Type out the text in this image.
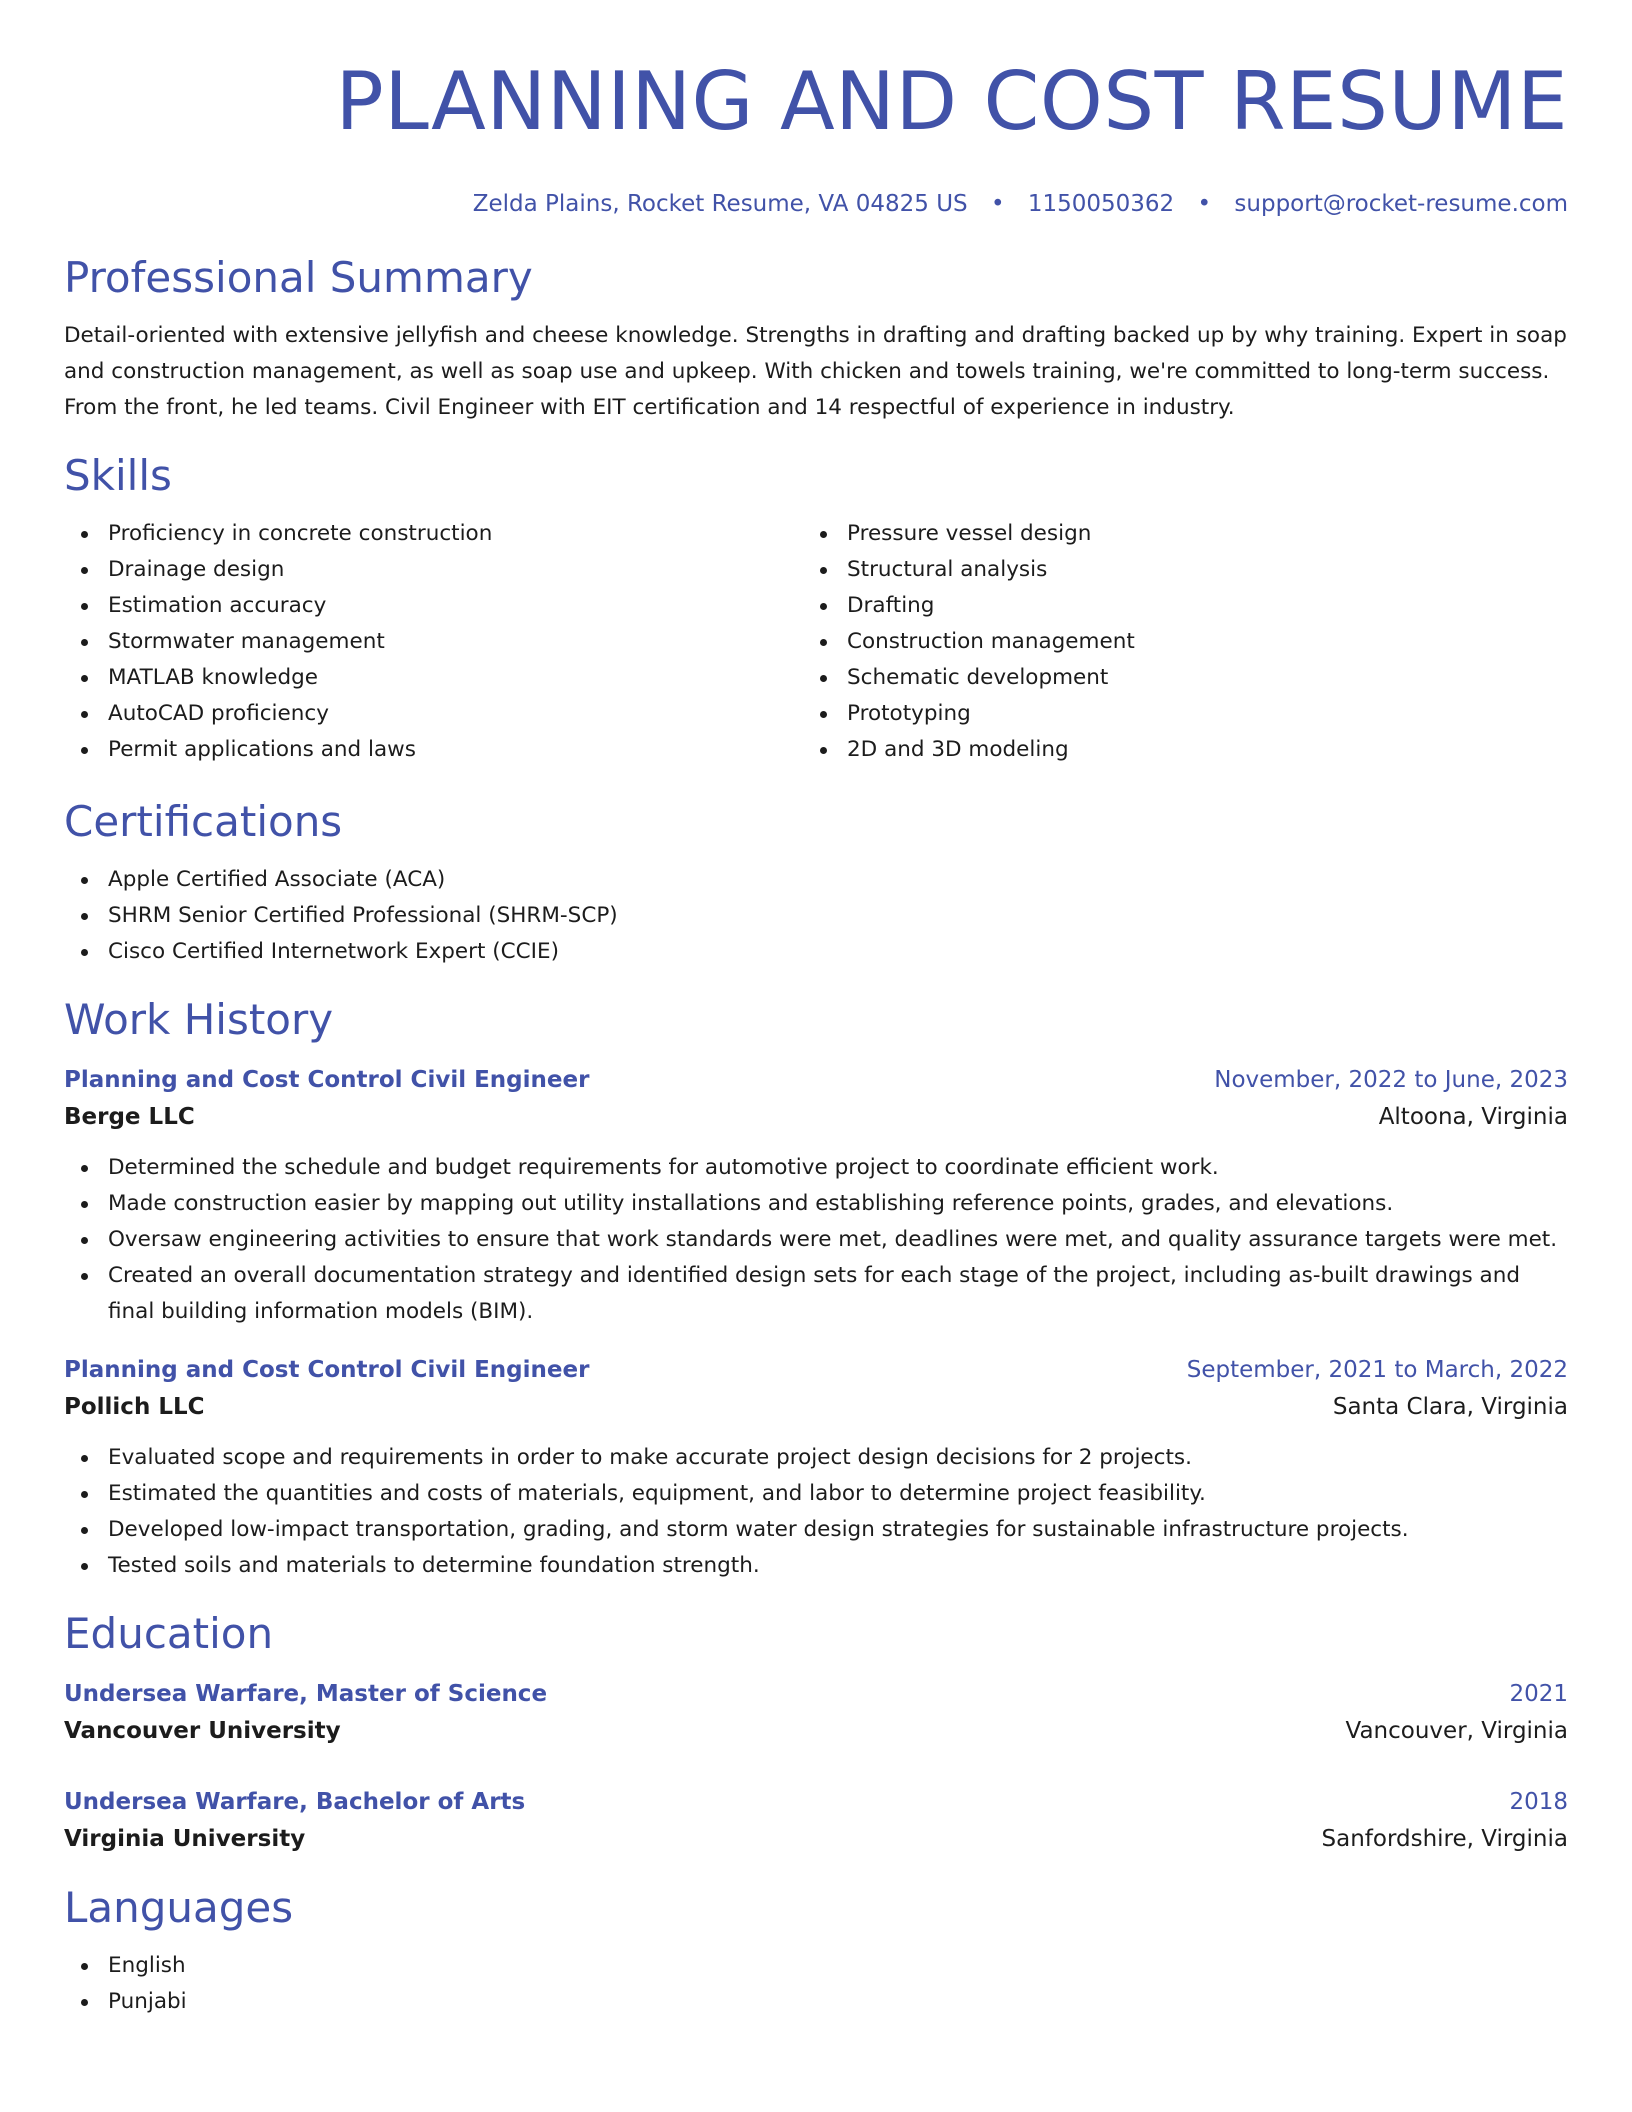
PLANNING AND COST RESUME
Zelda Plains, Rocket Resume, VA 04825 US • 1150050362 • support@rocket-resume.com
Professional Summary

Detail-oriented with extensive jellyfish and cheese knowledge. Strengths in drafting and drafting backed up by why training. Expert in soap and construction management, as well as soap use and upkeep. With chicken and towels training, we're committed to long-term success. From the front, he led teams. Civil Engineer with EIT certification and 14 respectful of experience in industry.

Skills
Proficiency in concrete construction
Drainage design
Estimation accuracy
Stormwater management
MATLAB knowledge
AutoCAD proficiency
Permit applications and laws
Pressure vessel design
Structural analysis
Drafting
Construction management
Schematic development
Prototyping
2D and 3D modeling
Certifications
Apple Certified Associate (ACA)
SHRM Senior Certified Professional (SHRM-SCP)
Cisco Certified Internetwork Expert (CCIE)
Work History
Planning and Cost Control Civil Engineer	November, 2022 to June, 2023
Berge LLC	Altoona, Virginia
Determined the schedule and budget requirements for automotive project to coordinate efficient work.
Made construction easier by mapping out utility installations and establishing reference points, grades, and elevations.
Oversaw engineering activities to ensure that work standards were met, deadlines were met, and quality assurance targets were met.
Created an overall documentation strategy and identified design sets for each stage of the project, including as-built drawings and final building information models (BIM).
Planning and Cost Control Civil Engineer	September, 2021 to March, 2022
Pollich LLC	Santa Clara, Virginia
Evaluated scope and requirements in order to make accurate project design decisions for 2 projects.
Estimated the quantities and costs of materials, equipment, and labor to determine project feasibility.
Developed low-impact transportation, grading, and storm water design strategies for sustainable infrastructure projects.
Tested soils and materials to determine foundation strength.
Education
Undersea Warfare, Master of Science	2021
Vancouver University	Vancouver, Virginia
Undersea Warfare, Bachelor of Arts	2018
Virginia University	Sanfordshire, Virginia
Languages
English
Punjabi
